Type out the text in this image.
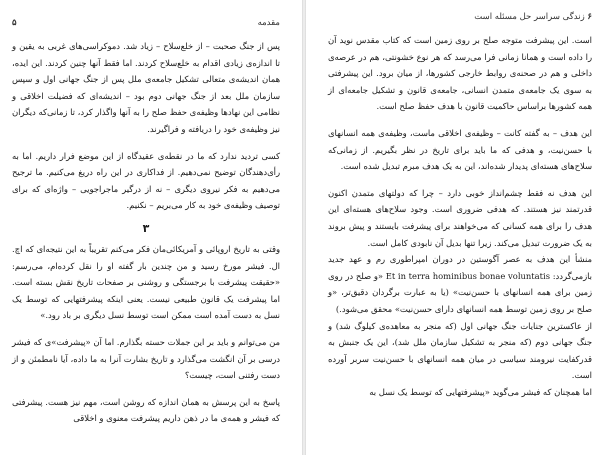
مقدمه
۵

پس از جنگ صحبت – از خلع‌سلاح – زیاد شد. دموکراسی‌های غربی به یقین و تا اندازه‌ی زیادی اقدام به خلع‌سلاح کردند. اما فقط آنها چنین کردند. این ایده، همان اندیشه‌ی متعالی تشکیل جامعه‌ی ملل پس از جنگ جهانی اول و سپس سازمان ملل بعد از جنگ جهانی دوم بود – اندیشه‌ای که فضیلت اخلاقی و نظامی این نهادها وظیفه‌ی حفظ صلح را به آنها واگذار کرد، تا زمانی‌که دیگران نیز وظیفه‌ی خود را دریافته و فراگیرند.

کسی تردید ندارد که ما در نقطه‌ی عقیدگاه از این موضع فرار داریم. اما به رأی‌دهندگان توضیح نمی‌دهیم. از فداکاری در این راه دریغ می‌کنیم. ما ترجیح می‌دهیم به فکر نیروی دیگری – نه از درگیر ما‌جراجویی – واژه‌ای که برای توصیف وظیفه‌ی خود به کار می‌بریم – نکنیم.

۳

وقتی به تاریخ اروپائی و آمریکائی‌مان فکر می‌کنم تقریباً به این نتیجه‌ای که اچ. ال. فیشر مورخ رسید و من چندین بار گفته او را نقل کرده‌ام، می‌رسم: «حقیقت پیشرفت با برجستگی و روشنی بر صفحات تاریخ نقش بسته است. اما پیشرفت یک قانون طبیعی نیست. یعنی اینکه پیشرفتهایی که توسط یک نسل به دست آمده است ممکن است توسط نسل دیگری بر باد رود.»

من می‌توانم و باید بر این جملات حسته بگذارم. اما آن «پیشرفت»ی که فیشر درسی بر آن انگشت می‌گذارد و تاریخ بشارت آنرا به ما داده، آیا نامطمئن و از دست رفتنی است، چیست؟

پاسخ به این پرسش به همان اندازه که روشن است، مهم نیز هست. پیشرفتی که فیشر و همه‌ی ما در ذهن داریم پیشرفت معنوی و اخلاقی

۶ زندگی سراسر حل مسئله است

است. این پیشرفت متوجه صلح بر روی زمین است که کتاب مقدس نوید آن را داده است و همانا زمانی فرا می‌رسد که هر نوع خشونتی، هم در عرصه‌ی داخلی و هم در صحنه‌ی روابط خارجی کشورها، از میان برود. این پیشرفتی به سوی یک جامعه‌ی متمدن انسانی، جامعه‌ی قانون و تشکیل جامعه‌ای از همه کشورها براساس حاکمیت قانون با هدف حفظ صلح است.

این هدف – به گفته کانت – وظیفه‌ی اخلاقی ماست، وظیفه‌ی همه انسانهای با حسن‌نیت، و هدفی که ما باید برای تاریخ در نظر بگیریم. از زمانی‌که سلاح‌های هسته‌ای پدیدار شده‌اند، این به یک هدف مبرم تبدیل شده است.

این هدف نه فقط چشم‌انداز خوبی دارد – چرا که دولتهای متمدن اکنون قدرتمند نیز هستند. که هدفی ضروری است. وجود سلاح‌های هسته‌ای این هدف را برای همه کسانی که می‌خواهند برای پیشرفت بایستند و پیش بروند به یک ضرورت تبدیل می‌کند. زیرا تنها بدیل آن نابودی کامل است.

منشأ این هدف به عصر آگوستین در دوران امپراطوری رم و عهد جدید بازمی‌گردد: Et in terra hominibus bonae voluntatis «و صلح در روی زمین برای همه انسانهای با حسن‌نیت» (یا به عبارت برگردان دقیق‌تر، «و صلح بر روی زمین توسط همه انسانهای دارای حسن‌نیت» محقق می‌شود.)

از عاکسترین جنایات جنگ جهانی اول (که منجر به معاهده‌ی کیلوگ شد) و جنگ جهانی دوم (که منجر به تشکیل سازمان ملل شد)، این یک جنبش به قدرکفایت نیرومند سیاسی در میان همه انسانهای با حسن‌نیت سربر آورده است.

اما همچنان که فیشر می‌گوید «پیشرفتهایی که توسط یک نسل به
